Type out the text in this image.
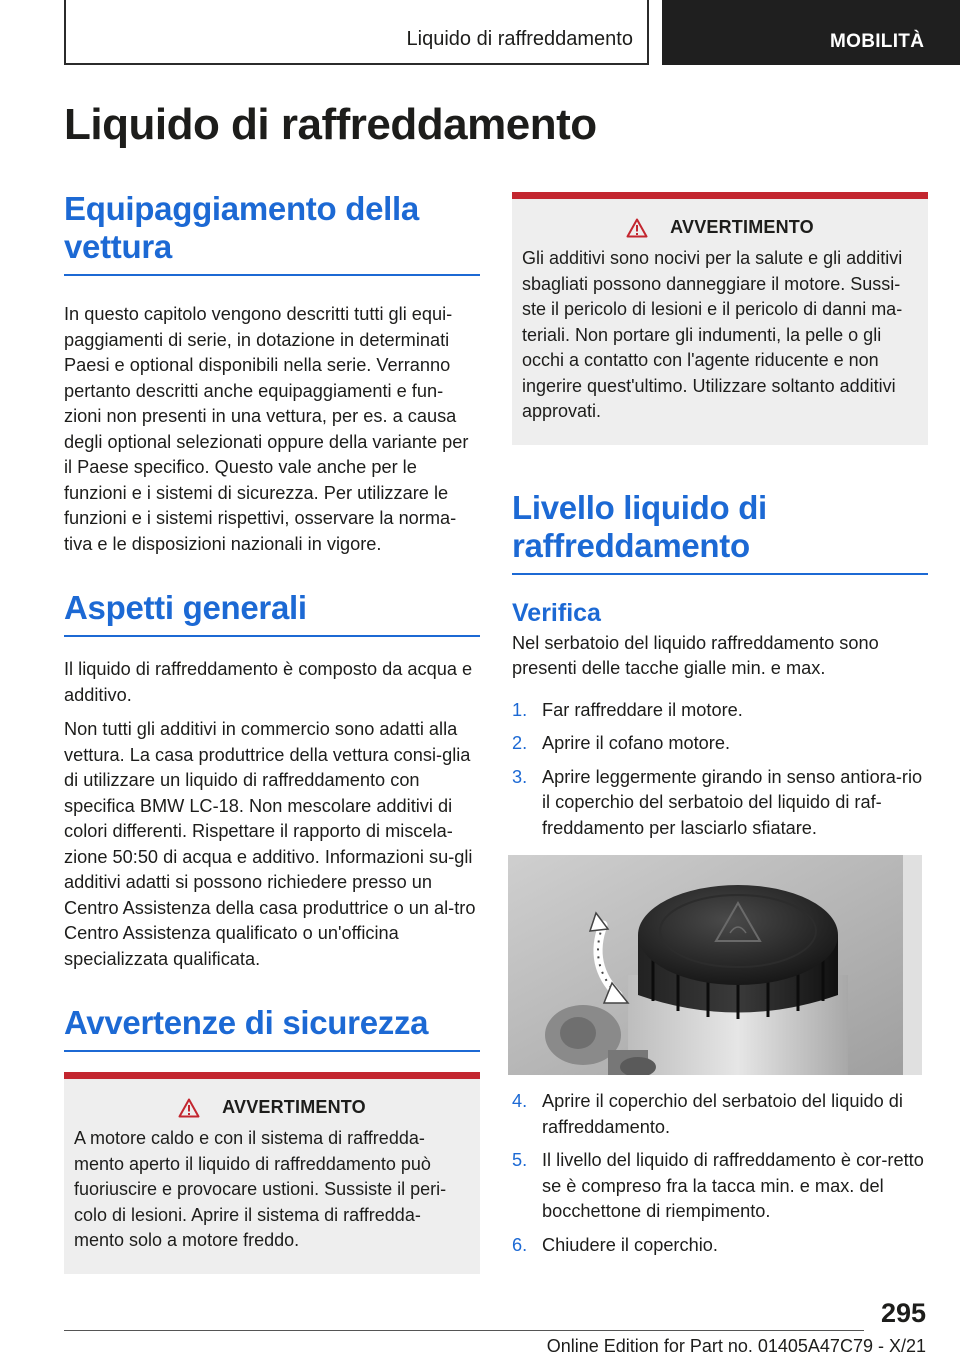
Liquido di raffreddamento	MOBILITÀ
Liquido di raffreddamento
Equipaggiamento della vettura

In questo capitolo vengono descritti tutti gli equi-paggiamenti di serie, in dotazione in determinati Paesi e optional disponibili nella serie. Verranno pertanto descritti anche equipaggiamenti e fun-zioni non presenti in una vettura, per es. a causa degli optional selezionati oppure della variante per il Paese specifico. Questo vale anche per le funzioni e i sistemi di sicurezza. Per utilizzare le funzioni e i sistemi rispettivi, osservare la norma-tiva e le disposizioni nazionali in vigore.

Aspetti generali

Il liquido di raffreddamento è composto da acqua e additivo.

Non tutti gli additivi in commercio sono adatti alla vettura. La casa produttrice della vettura consi-glia di utilizzare un liquido di raffreddamento con specifica BMW LC-18. Non mescolare additivi di colori differenti. Rispettare il rapporto di miscela-zione 50:50 di acqua e additivo. Informazioni su-gli additivi adatti si possono richiedere presso un Centro Assistenza della casa produttrice o un al-tro Centro Assistenza qualificato o un'officina specializzata qualificata.

Avvertenze di sicurezza
AVVERTIMENTO

A motore caldo e con il sistema di raffredda-mento aperto il liquido di raffreddamento può fuoriuscire e provocare ustioni. Sussiste il peri-colo di lesioni. Aprire il sistema di raffredda-mento solo a motore freddo.

AVVERTIMENTO

Gli additivi sono nocivi per la salute e gli additivi sbagliati possono danneggiare il motore. Sussi-ste il pericolo di lesioni e il pericolo di danni ma-teriali. Non portare gli indumenti, la pelle o gli occhi a contatto con l'agente riducente e non ingerire quest'ultimo. Utilizzare soltanto additivi approvati.

Livello liquido di raffreddamento
Verifica

Nel serbatoio del liquido raffreddamento sono presenti delle tacche gialle min. e max.

1. Far raffreddare il motore.
2. Aprire il cofano motore.
3. Aprire leggermente girando in senso antiora-rio il coperchio del serbatoio del liquido di raf-freddamento per lasciarlo sfiatare.
4. Aprire il coperchio del serbatoio del liquido di raffreddamento.
5. Il livello del liquido di raffreddamento è cor-retto se è compreso fra la tacca min. e max. del bocchettone di riempimento.
6. Chiudere il coperchio.
295
Online Edition for Part no. 01405A47C79 - X/21
